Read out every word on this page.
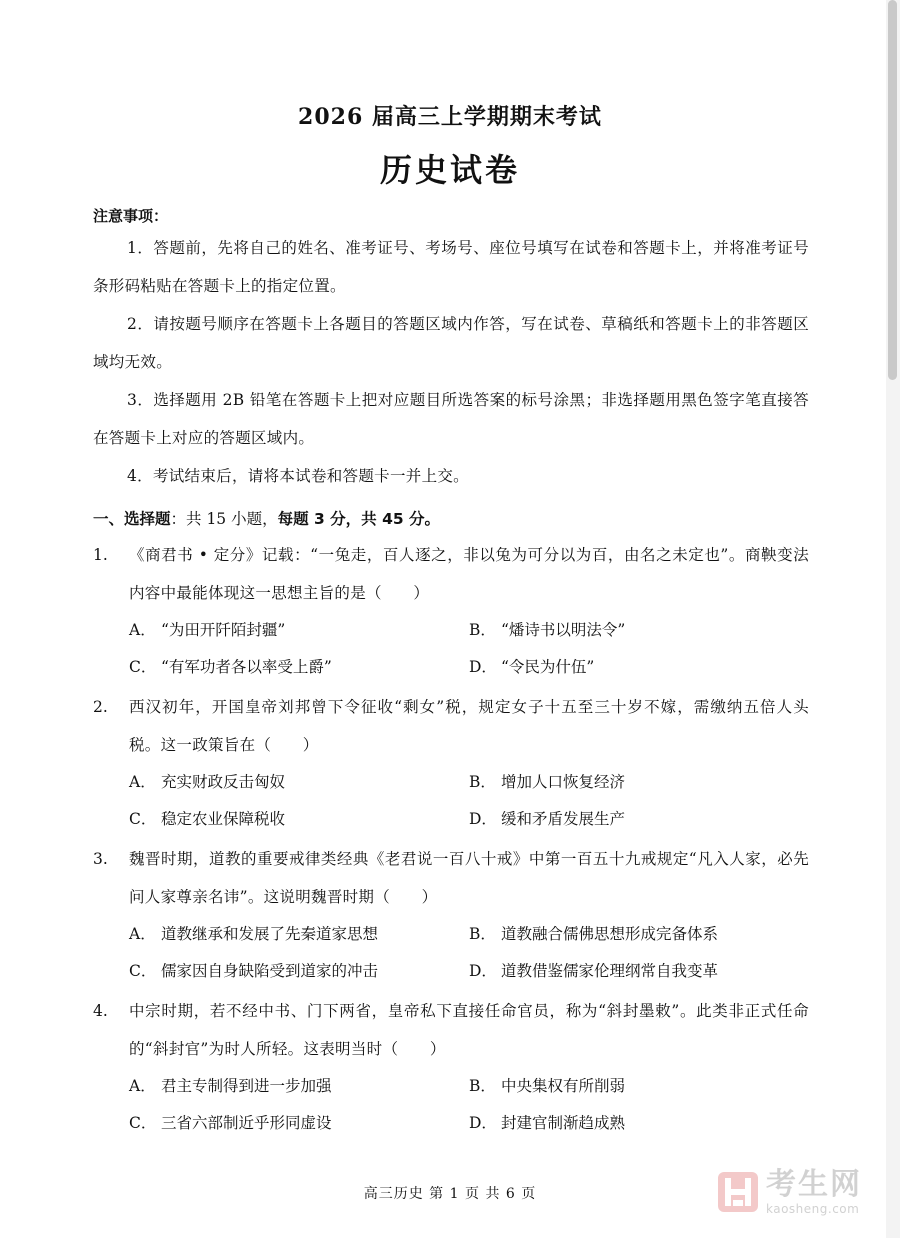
2026 届高三上学期期末考试
历史试卷
注意事项：
1．答题前，先将自己的姓名、准考证号、考场号、座位号填写在试卷和答题卡上，并将准考证号条形码粘贴在答题卡上的指定位置。
2．请按题号顺序在答题卡上各题目的答题区域内作答，写在试卷、草稿纸和答题卡上的非答题区域均无效。
3．选择题用 2B 铅笔在答题卡上把对应题目所选答案的标号涂黑；非选择题用黑色签字笔直接答在答题卡上对应的答题区域内。
4．考试结束后，请将本试卷和答题卡一并上交。
一、选择题：共 15 小题，每题 3 分，共 45 分。
1. 《商君书 • 定分》记载：“一兔走，百人逐之，非以兔为可分以为百，由名之未定也”。商鞅变法内容中最能体现这一思想主旨的是（　　）
A． “为田开阡陌封疆”	B． “燔诗书以明法令”
C． “有军功者各以率受上爵”	D． “令民为什伍”
2. 西汉初年，开国皇帝刘邦曾下令征收“剩女”税，规定女子十五至三十岁不嫁，需缴纳五倍人头税。这一政策旨在（　　）
A． 充实财政反击匈奴	B． 增加人口恢复经济
C． 稳定农业保障税收	D． 缓和矛盾发展生产
3. 魏晋时期，道教的重要戒律类经典《老君说一百八十戒》中第一百五十九戒规定“凡入人家，必先问人家尊亲名讳”。这说明魏晋时期（　　）
A． 道教继承和发展了先秦道家思想	B． 道教融合儒佛思想形成完备体系
C． 儒家因自身缺陷受到道家的冲击	D． 道教借鉴儒家伦理纲常自我变革
4. 中宗时期，若不经中书、门下两省，皇帝私下直接任命官员，称为“斜封墨敕”。此类非正式任命的“斜封官”为时人所轻。这表明当时（　　）
A． 君主专制得到进一步加强	B． 中央集权有所削弱
C． 三省六部制近乎形同虚设	D． 封建官制渐趋成熟
高三历史 第 1 页 共 6 页	考生网
kaosheng.com
